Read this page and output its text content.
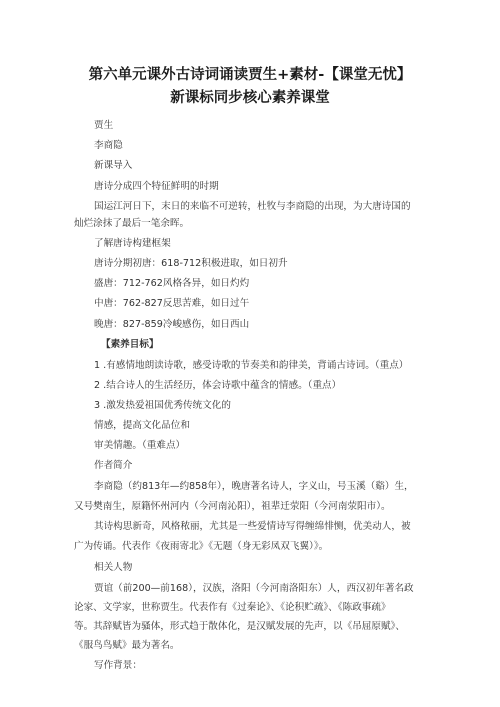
第六单元课外古诗词诵读贾生+素材-【课堂无忧】
新课标同步核心素养课堂
贾生
李商隐
新课导入
唐诗分成四个特征鲜明的时期
国运江河日下，末日的来临不可逆转，杜牧与李商隐的出现，为大唐诗国的
灿烂涂抹了最后一笔余晖。
了解唐诗构建框架
唐诗分期初唐：618-712积极进取，如日初升
盛唐：712-762风格各异，如日灼灼
中唐：762-827反思苦难，如日过午
晚唐：827-859冷峻感伤，如日西山
【素养目标】
1 .有感情地朗读诗歌，感受诗歌的节奏美和韵律美，背诵古诗词。（重点）
2 .结合诗人的生活经历，体会诗歌中蕴含的情感。（重点）
3 .激发热爱祖国优秀传统文化的
情感，提高文化品位和
审美情趣。（重难点）
作者简介
李商隐（约813年—约858年），晚唐著名诗人，字义山，号玉溪（谿）生，
又号樊南生，原籍怀州河内（今河南沁阳），祖辈迁荥阳（今河南荥阳市）。
其诗构思新奇，风格秾丽，尤其是一些爱情诗写得缠绵悱恻，优美动人，被
广为传诵。代表作《夜雨寄北》《无题（身无彩凤双飞翼）》。
相关人物
贾谊（前200—前168），汉族，洛阳（今河南洛阳东）人，西汉初年著名政
论家、文学家，世称贾生。代表作有《过秦论》、《论积贮疏》、《陈政事疏》
等。其辞赋皆为骚体，形式趋于散体化，是汉赋发展的先声，以《吊屈原赋》、
《服鸟鸟赋》最为著名。
写作背景：
